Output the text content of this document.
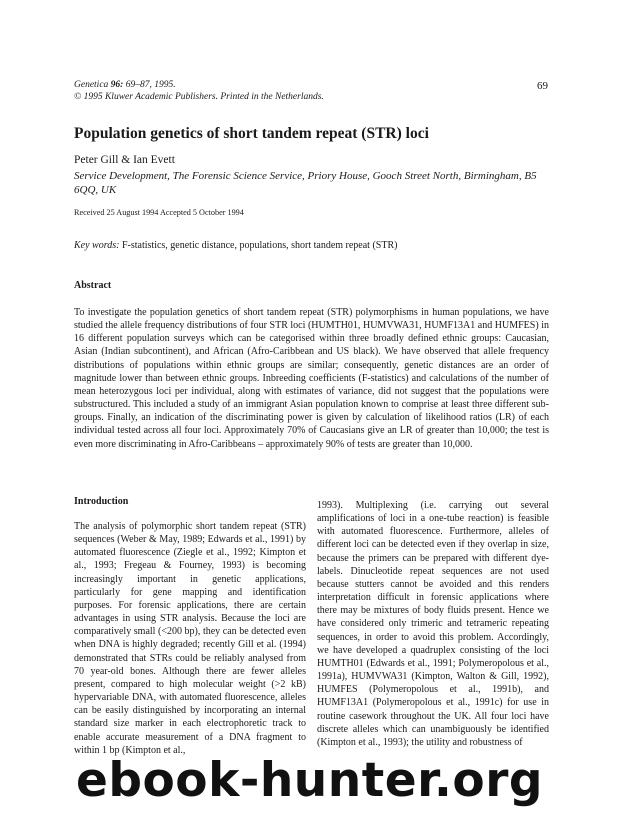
Genetica 96: 69–87, 1995.
© 1995 Kluwer Academic Publishers. Printed in the Netherlands.
69
Population genetics of short tandem repeat (STR) loci
Peter Gill & Ian Evett
Service Development, The Forensic Science Service, Priory House, Gooch Street North, Birmingham, B5 6QQ, UK
Received 25 August 1994 Accepted 5 October 1994
Key words: F-statistics, genetic distance, populations, short tandem repeat (STR)
Abstract
To investigate the population genetics of short tandem repeat (STR) polymorphisms in human populations, we have studied the allele frequency distributions of four STR loci (HUMTH01, HUMVWA31, HUMF13A1 and HUMFES) in 16 different population surveys which can be categorised within three broadly defined ethnic groups: Caucasian, Asian (Indian subcontinent), and African (Afro-Caribbean and US black). We have observed that allele frequency distributions of populations within ethnic groups are similar; consequently, genetic distances are an order of magnitude lower than between ethnic groups. Inbreeding coefficients (F-statistics) and calculations of the number of mean heterozygous loci per individual, along with estimates of variance, did not suggest that the populations were substructured. This included a study of an immigrant Asian population known to comprise at least three different sub-groups. Finally, an indication of the discriminating power is given by calculation of likelihood ratios (LR) of each individual tested across all four loci. Approximately 70% of Caucasians give an LR of greater than 10,000; the test is even more discriminating in Afro-Caribbeans – approximately 90% of tests are greater than 10,000.
Introduction

The analysis of polymorphic short tandem repeat (STR) sequences (Weber & May, 1989; Edwards et al., 1991) by automated fluorescence (Ziegle et al., 1992; Kimpton et al., 1993; Fregeau & Fourney, 1993) is becoming increasingly important in genetic applications, particularly for gene mapping and identification purposes. For forensic applications, there are certain advantages in using STR analysis. Because the loci are comparatively small (<200 bp), they can be detected even when DNA is highly degraded; recently Gill et al. (1994) demonstrated that STRs could be reliably analysed from 70 year-old bones. Although there are fewer alleles present, compared to high molecular weight (>2 kB) hypervariable DNA, with automated fluorescence, alleles can be easily distinguished by incorporating an internal standard size marker in each electrophoretic track to enable accurate measurement of a DNA fragment to within 1 bp (Kimpton et al.,

1993). Multiplexing (i.e. carrying out several amplifications of loci in a one-tube reaction) is feasible with automated fluorescence. Furthermore, alleles of different loci can be detected even if they overlap in size, because the primers can be prepared with different dye-labels. Dinucleotide repeat sequences are not used because stutters cannot be avoided and this renders interpretation difficult in forensic applications where there may be mixtures of body fluids present. Hence we have considered only trimeric and tetrameric repeating sequences, in order to avoid this problem. Accordingly, we have developed a quadruplex consisting of the loci HUMTH01 (Edwards et al., 1991; Polymeropolous et al., 1991a), HUMVWA31 (Kimpton, Walton & Gill, 1992), HUMFES (Polymeropolous et al., 1991b), and HUMF13A1 (Polymeropolous et al., 1991c) for use in routine casework throughout the UK. All four loci have discrete alleles which can unambiguously be identified (Kimpton et al., 1993); the utility and robustness of

ebook-hunter.org
